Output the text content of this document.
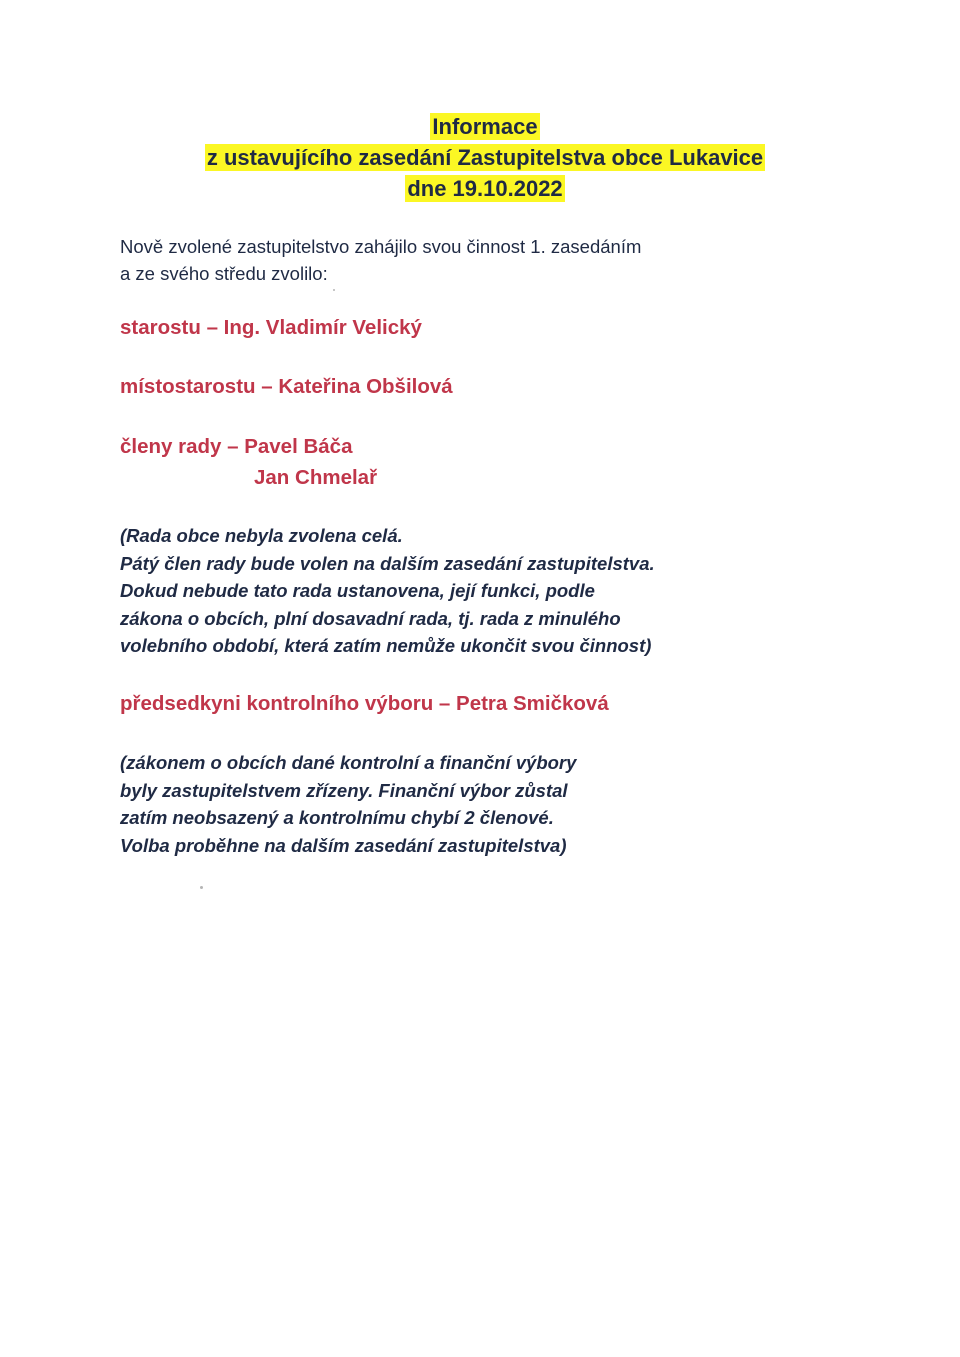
Informace
z ustavujícího zasedání Zastupitelstva obce Lukavice
dne 19.10.2022
Nově zvolené zastupitelstvo zahájilo svou činnost 1. zasedáním
a ze svého středu zvolilo:
starostu – Ing. Vladimír Velický
místostarostu – Kateřina Obšilová
členy rady – Pavel Báča
Jan Chmelař
(Rada obce nebyla zvolena celá.
Pátý člen rady bude volen na dalším zasedání zastupitelstva.
Dokud nebude tato rada ustanovena, její funkci, podle
zákona o obcích, plní dosavadní rada, tj. rada z minulého
volebního období, která zatím nemůže ukončit svou činnost)
předsedkyni kontrolního výboru – Petra Smičková
(zákonem o obcích dané kontrolní a finanční výbory
byly zastupitelstvem zřízeny. Finanční výbor zůstal
zatím neobsazený a kontrolnímu chybí 2 členové.
Volba proběhne na dalším zasedání zastupitelstva)
